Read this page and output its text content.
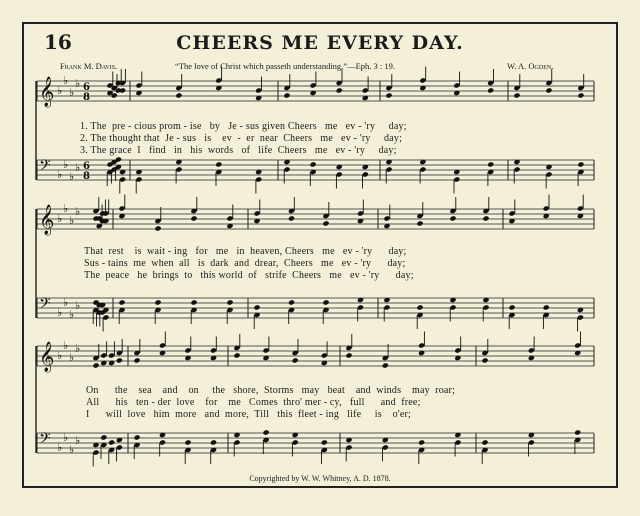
16	CHEERS ME EVERY DAY.
Frank M. Davis.	“The love of Christ which passeth understanding.”—Eph. 3 : 19.	W. A. Ogden.
𝄞 ♭
♭
♭
♭ 6
8
𝄢 ♭
♭
♭
♭ 6
8
𝄞 ♭
♭
♭
♭
𝄢 ♭
♭
♭
♭
𝄞 ♭
♭
♭
♭
𝄢 ♭
♭
♭
♭
1. The  pre - cious prom - ise   by   Je - sus given Cheers   me   ev - 'ry     day;
2. The thought that  Je - sus   is    ev  -  er  near  Cheers   me   ev - 'ry     day;
3. The grace  I   find   in   his  words   of   life  Cheers   me   ev - 'ry     day;
That  rest    is  wait - ing   for   me   in  heaven, Cheers   me   ev - 'ry      day;
Sus - tains  me  when  all   is  dark  and  drear,  Cheers   me   ev - 'ry      day;
The  peace   he  brings  to   this world  of   strife  Cheers   me   ev - 'ry      day;
On      the    sea    and    on     the   shore,  Storms   may   beat    and  winds    may  roar;
All      his   ten - der  love    for    me   Comes  thro' mer - cy,   full      and  free;
I      will  love   him  more   and  more,  Till   this  fleet - ing   life     is    o'er;
Copyrighted by W. W. Whitney, A. D. 1878.
